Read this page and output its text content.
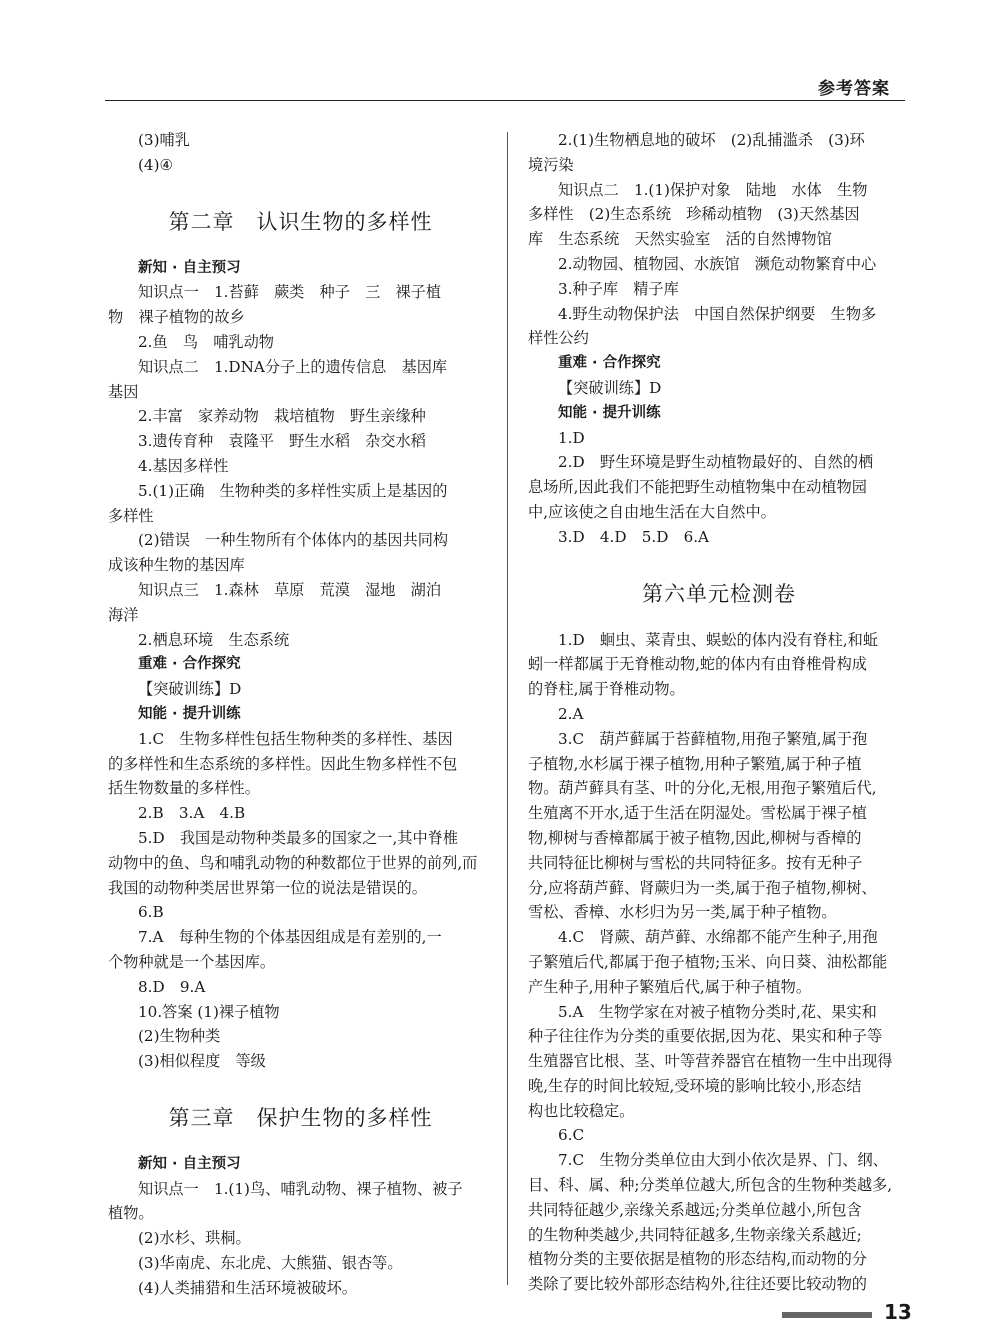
参考答案
(3)哺乳
(4)④
第二章　认识生物的多样性
新知 · 自主预习
知识点一　1.苔藓　蕨类　种子　三　裸子植
物　裸子植物的故乡
2.鱼　鸟　哺乳动物
知识点二　1.DNA分子上的遗传信息　基因库
基因
2.丰富　家养动物　栽培植物　野生亲缘种
3.遗传育种　袁隆平　野生水稻　杂交水稻
4.基因多样性
5.(1)正确　生物种类的多样性实质上是基因的
多样性
(2)错误　一种生物所有个体体内的基因共同构
成该种生物的基因库
知识点三　1.森林　草原　荒漠　湿地　湖泊
海洋
2.栖息环境　生态系统
重难 · 合作探究
【突破训练】D
知能 · 提升训练
1.C　生物多样性包括生物种类的多样性、基因
的多样性和生态系统的多样性。因此生物多样性不包
括生物数量的多样性。
2.B　3.A　4.B
5.D　我国是动物种类最多的国家之一,其中脊椎
动物中的鱼、鸟和哺乳动物的种数都位于世界的前列,而
我国的动物种类居世界第一位的说法是错误的。
6.B
7.A　每种生物的个体基因组成是有差别的,一
个物种就是一个基因库。
8.D　9.A
10.答案 (1)裸子植物
(2)生物种类
(3)相似程度　等级
第三章　保护生物的多样性
新知 · 自主预习
知识点一　1.(1)鸟、哺乳动物、裸子植物、被子
植物。
(2)水杉、珙桐。
(3)华南虎、东北虎、大熊猫、银杏等。
(4)人类捕猎和生活环境被破坏。
2.(1)生物栖息地的破坏　(2)乱捕滥杀　(3)环
境污染
知识点二　1.(1)保护对象　陆地　水体　生物
多样性　(2)生态系统　珍稀动植物　(3)天然基因
库　生态系统　天然实验室　活的自然博物馆
2.动物园、植物园、水族馆　濒危动物繁育中心
3.种子库　精子库
4.野生动物保护法　中国自然保护纲要　生物多
样性公约
重难 · 合作探究
【突破训练】D
知能 · 提升训练
1.D
2.D　野生环境是野生动植物最好的、自然的栖
息场所,因此我们不能把野生动植物集中在动植物园
中,应该使之自由地生活在大自然中。
3.D　4.D　5.D　6.A
第六单元检测卷
1.D　蛔虫、菜青虫、蜈蚣的体内没有脊柱,和蚯
蚓一样都属于无脊椎动物,蛇的体内有由脊椎骨构成
的脊柱,属于脊椎动物。
2.A
3.C　葫芦藓属于苔藓植物,用孢子繁殖,属于孢
子植物,水杉属于裸子植物,用种子繁殖,属于种子植
物。葫芦藓具有茎、叶的分化,无根,用孢子繁殖后代,
生殖离不开水,适于生活在阴湿处。雪松属于裸子植
物,柳树与香樟都属于被子植物,因此,柳树与香樟的
共同特征比柳树与雪松的共同特征多。按有无种子
分,应将葫芦藓、肾蕨归为一类,属于孢子植物,柳树、
雪松、香樟、水杉归为另一类,属于种子植物。
4.C　肾蕨、葫芦藓、水绵都不能产生种子,用孢
子繁殖后代,都属于孢子植物;玉米、向日葵、油松都能
产生种子,用种子繁殖后代,属于种子植物。
5.A　生物学家在对被子植物分类时,花、果实和
种子往往作为分类的重要依据,因为花、果实和种子等
生殖器官比根、茎、叶等营养器官在植物一生中出现得
晚,生存的时间比较短,受环境的影响比较小,形态结
构也比较稳定。
6.C
7.C　生物分类单位由大到小依次是界、门、纲、
目、科、属、种;分类单位越大,所包含的生物种类越多,
共同特征越少,亲缘关系越远;分类单位越小,所包含
的生物种类越少,共同特征越多,生物亲缘关系越近;
植物分类的主要依据是植物的形态结构,而动物的分
类除了要比较外部形态结构外,往往还要比较动物的
13
